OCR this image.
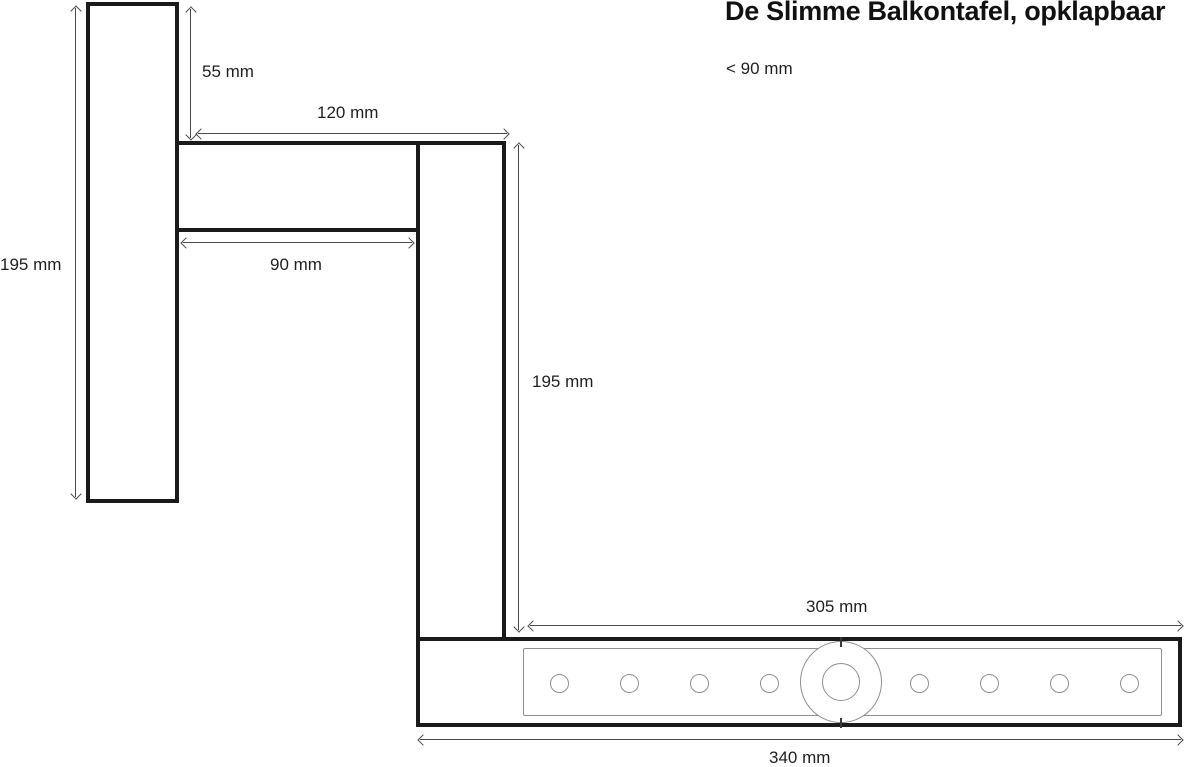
195 mm
55 mm
120 mm
90 mm
195 mm
305 mm
340 mm
De Slimme Balkontafel, opklapbaar
< 90 mm
